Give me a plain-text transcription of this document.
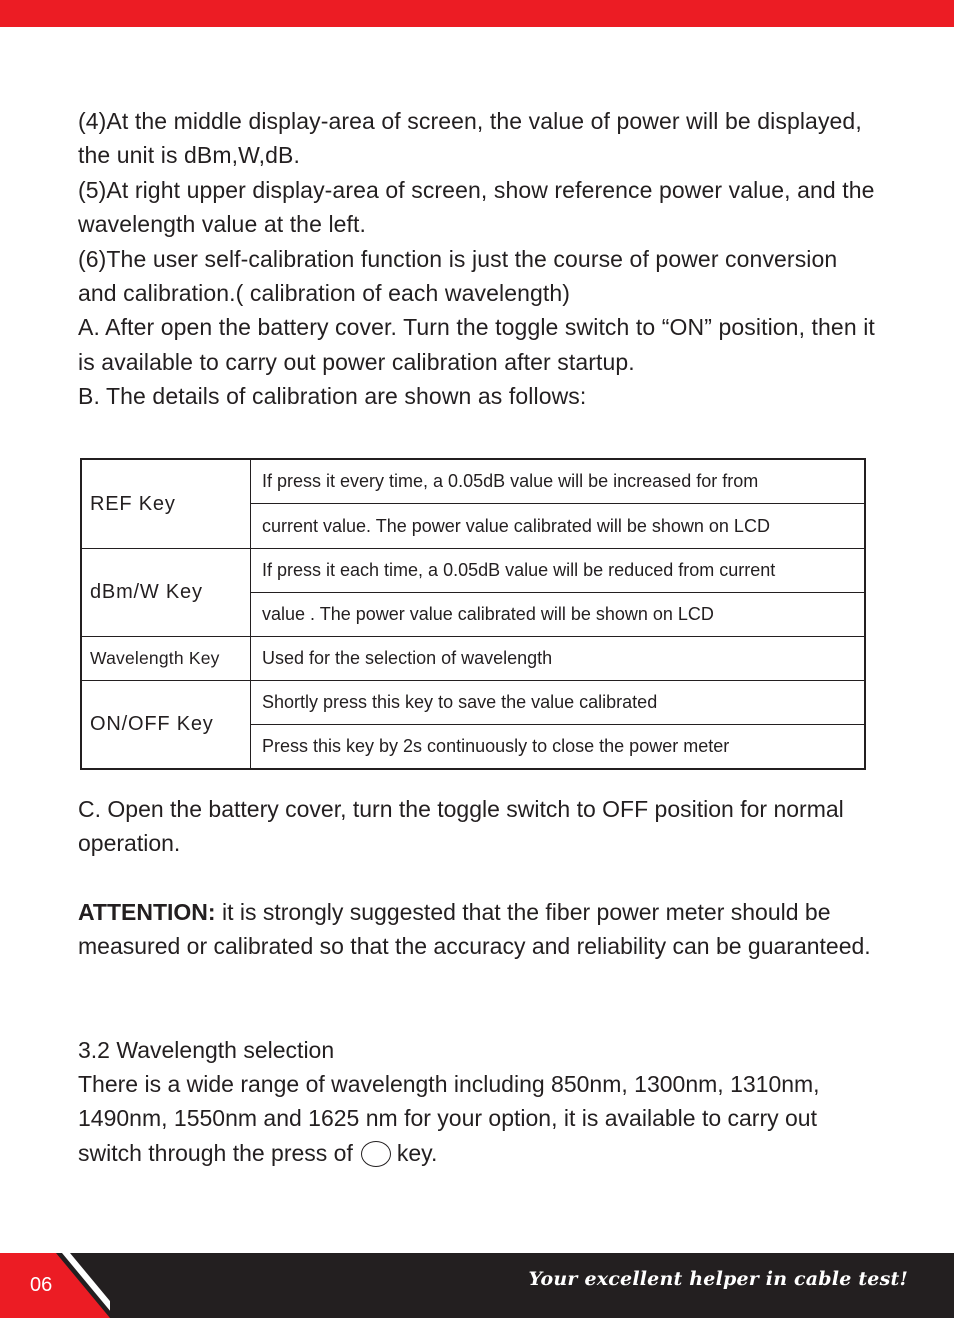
(4)At the middle display-area of screen, the value of power will be displayed, the unit is dBm,W,dB.

(5)At right upper display-area of screen, show reference power value, and the wavelength value at the left.

(6)The user self-calibration function is just the course of power conversion and calibration.( calibration of each wavelength)

A. After open the battery cover. Turn the toggle switch to “ON” position, then it is available to carry out power calibration after startup.

B. The details of calibration are shown as follows:

REF Key	If press it every time, a 0.05dB value will be increased for from
	current value. The power value calibrated will be shown on LCD
dBm/W Key	If press it each time, a 0.05dB value will be reduced from current
	value . The power value calibrated will be shown on LCD
Wavelength Key	Used for the selection of wavelength
ON/OFF Key	Shortly press this key to save the value calibrated
	Press this key by 2s continuously to close the power meter

C. Open the battery cover, turn the toggle switch to OFF position for normal operation.

ATTENTION: it is strongly suggested that the fiber power meter should be measured or calibrated so that the accuracy and reliability can be guaranteed.

3.2 Wavelength selection

There is a wide range of wavelength including 850nm, 1300nm, 1310nm, 1490nm, 1550nm and 1625 nm for your option, it is available to carry out switch through the press of key.

06	Your excellent helper in cable test!
